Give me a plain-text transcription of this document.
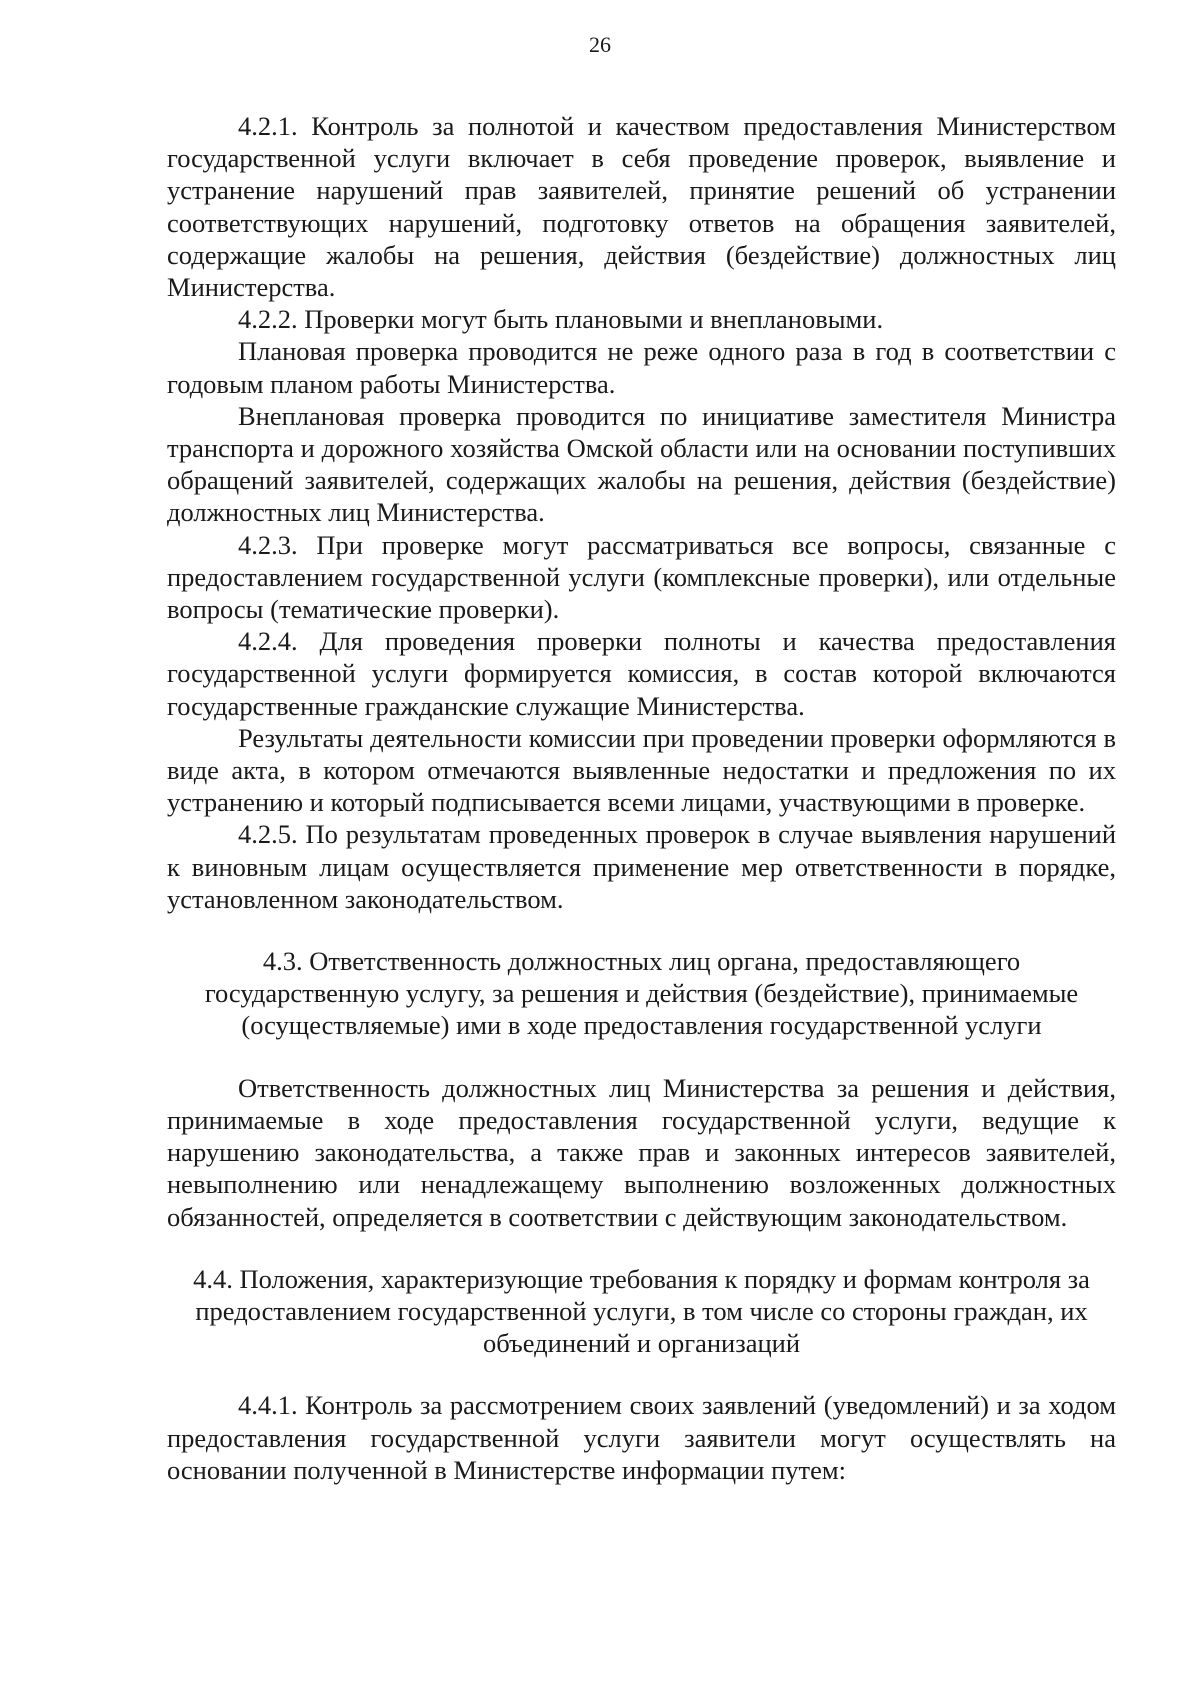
26

4.2.1. Контроль за полнотой и качеством предоставления Министерством государственной услуги включает в себя проведение проверок, выявление и устранение нарушений прав заявителей, принятие решений об устранении соответствующих нарушений, подготовку ответов на обращения заявителей, содержащие жалобы на решения, действия (бездействие) должностных лиц Министерства.

4.2.2. Проверки могут быть плановыми и внеплановыми.

Плановая проверка проводится не реже одного раза в год в соответствии с годовым планом работы Министерства.

Внеплановая проверка проводится по инициативе заместителя Министра транспорта и дорожного хозяйства Омской области или на основании поступивших обращений заявителей, содержащих жалобы на решения, действия (бездействие) должностных лиц Министерства.

4.2.3. При проверке могут рассматриваться все вопросы, связанные с предоставлением государственной услуги (комплексные проверки), или отдельные вопросы (тематические проверки).

4.2.4. Для проведения проверки полноты и качества предоставления государственной услуги формируется комиссия, в состав которой включаются государственные гражданские служащие Министерства.

Результаты деятельности комиссии при проведении проверки оформляются в виде акта, в котором отмечаются выявленные недостатки и предложения по их устранению и который подписывается всеми лицами, участвующими в проверке.

4.2.5. По результатам проведенных проверок в случае выявления нарушений к виновным лицам осуществляется применение мер ответственности в порядке, установленном законодательством.

4.3. Ответственность должностных лиц органа, предоставляющего государственную услугу, за решения и действия (бездействие), принимаемые (осуществляемые) ими в ходе предоставления государственной услуги

Ответственность должностных лиц Министерства за решения и действия, принимаемые в ходе предоставления государственной услуги, ведущие к нарушению законодательства, а также прав и законных интересов заявителей, невыполнению или ненадлежащему выполнению возложенных должностных обязанностей, определяется в соответствии с действующим законодательством.

4.4. Положения, характеризующие требования к порядку и формам контроля за предоставлением государственной услуги, в том числе со стороны граждан, их объединений и организаций

4.4.1. Контроль за рассмотрением своих заявлений (уведомлений) и за ходом предоставления государственной услуги заявители могут осуществлять на основании полученной в Министерстве информации путем:
